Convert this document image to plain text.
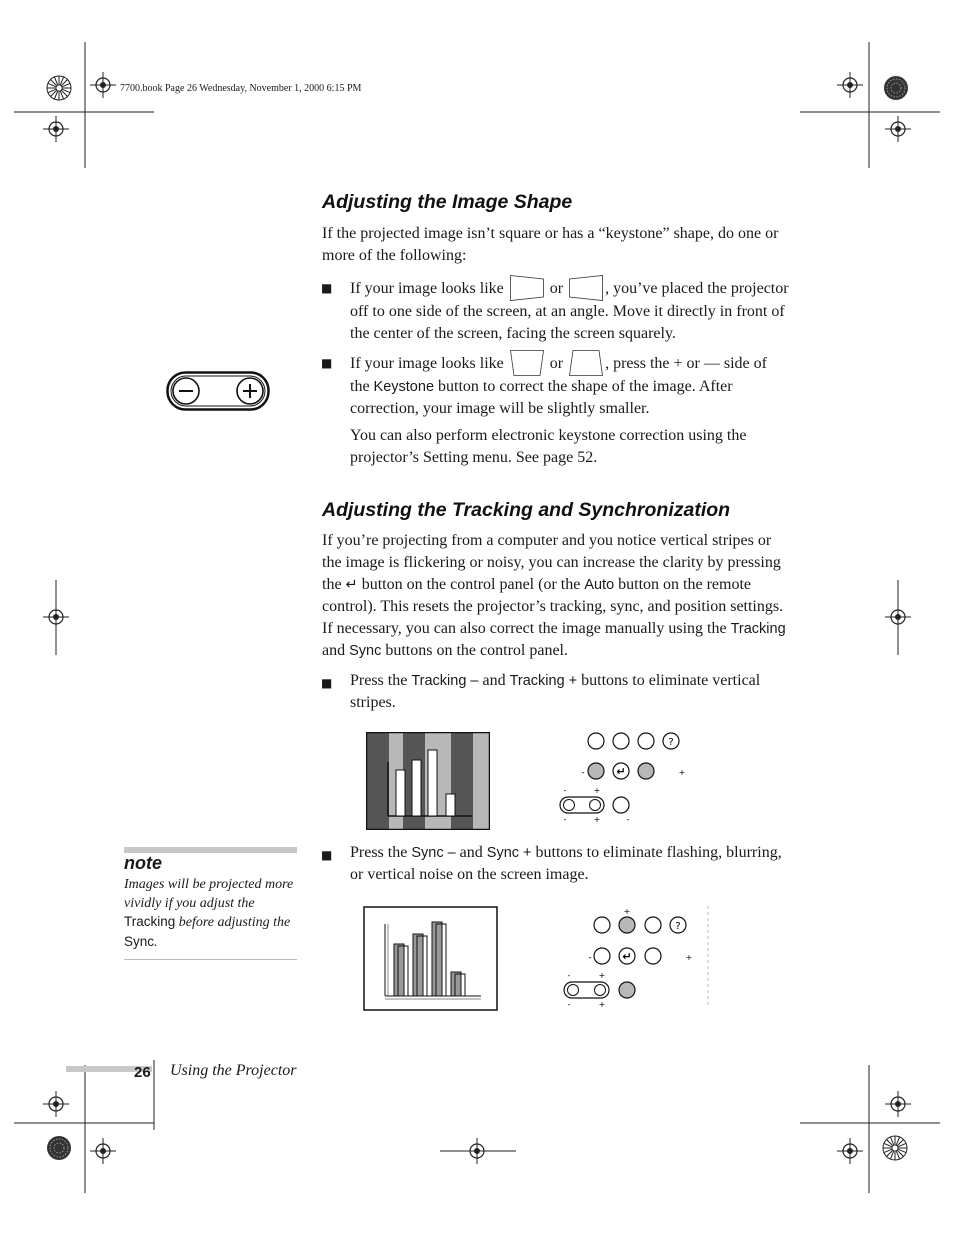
7700.book Page 26 Wednesday, November 1, 2000 6:15 PM
Adjusting the Image Shape

If the projected image isn’t square or has a “keystone” shape, do one or more of the following:

■ If your image looks like	or	, you’ve placed the projector off to one side of the screen, at an angle. Move it directly in front of the center of the screen, facing the screen squarely.
■ If your image looks like	or	, press the + or — side of the Keystone button to correct the shape of the image. After correction, your image will be slightly smaller.

You can also perform electronic keystone correction using the projector’s Setting menu. See page 52.

Adjusting the Tracking and Synchronization
If you’re projecting from a computer and you notice vertical stripes or the image is flickering or noisy, you can increase the clarity by pressing the ↵ button on the control panel (or the Auto button on the remote control). This resets the projector’s tracking, sync, and position settings. If necessary, you can also correct the image manually using the Tracking and Sync buttons on the control panel.
■ Press the Tracking – and Tracking + buttons to eliminate vertical stripes.
?
-	↵	+
-	+
-	+	-
note
Images will be projected more vividly if you adjust the Tracking before adjusting the Sync.
■ Press the Sync – and Sync + buttons to eliminate flashing, blurring, or vertical noise on the screen image.
+
?
-	↵	+
-	+
-	+
26 Using the Projector
